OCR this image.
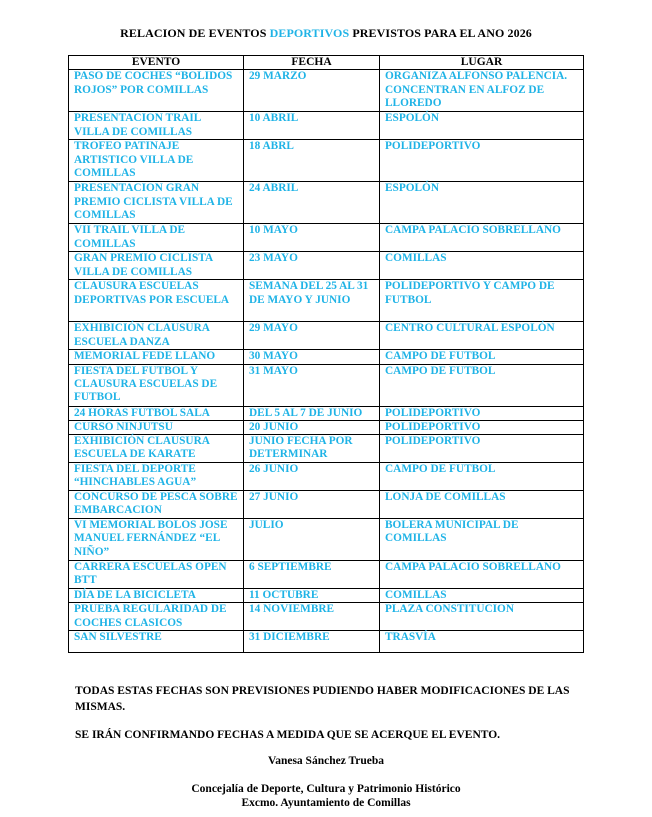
RELACION DE EVENTOS DEPORTIVOS PREVISTOS PARA EL ANO 2026
EVENTO	FECHA	LUGAR
PASO DE COCHES “BOLIDOS ROJOS” POR COMILLAS	29 MARZO	ORGANIZA ALFONSO PALENCIA. CONCENTRAN EN ALFOZ DE LLOREDO
PRESENTACION TRAIL VILLA DE COMILLAS	10 ABRIL	ESPOLÓN
TROFEO PATINAJE ARTISTICO VILLA DE COMILLAS	18 ABRL	POLIDEPORTIVO
PRESENTACION GRAN PREMIO CICLISTA VILLA DE COMILLAS	24 ABRIL	ESPOLÓN
VII TRAIL VILLA DE COMILLAS	10 MAYO	CAMPA PALACIO SOBRELLANO
GRAN PREMIO CICLISTA VILLA DE COMILLAS	23 MAYO	COMILLAS
CLAUSURA ESCUELAS DEPORTIVAS POR ESCUELA	SEMANA DEL 25 AL 31 DE MAYO Y JUNIO	POLIDEPORTIVO Y CAMPO DE FUTBOL
EXHIBICIÓN CLAUSURA ESCUELA DANZA	29 MAYO	CENTRO CULTURAL ESPOLÓN
MEMORIAL FEDE LLANO	30 MAYO	CAMPO DE FUTBOL
FIESTA DEL FUTBOL Y CLAUSURA ESCUELAS DE FUTBOL	31 MAYO	CAMPO DE FUTBOL
24 HORAS FUTBOL SALA	DEL 5 AL 7 DE JUNIO	POLIDEPORTIVO
CURSO NINJUTSU	20 JUNIO	POLIDEPORTIVO
EXHIBICIÓN CLAUSURA ESCUELA DE KARATE	JUNIO FECHA POR DETERMINAR	POLIDEPORTIVO
FIESTA DEL DEPORTE “HINCHABLES AGUA”	26 JUNIO	CAMPO DE FUTBOL
CONCURSO DE PESCA SOBRE EMBARCACION	27 JUNIO	LONJA DE COMILLAS
VI MEMORIAL BOLOS JOSE MANUEL FERNÁNDEZ “EL NIÑO”	JULIO	BOLERA MUNICIPAL DE COMILLAS
CARRERA ESCUELAS OPEN BTT	6 SEPTIEMBRE	CAMPA PALACIO SOBRELLANO
DÍA DE LA BICICLETA	11 OCTUBRE	COMILLAS
PRUEBA REGULARIDAD DE COCHES CLASICOS	14 NOVIEMBRE	PLAZA CONSTITUCION
SAN SILVESTRE	31 DICIEMBRE	TRASVÍA
TODAS ESTAS FECHAS SON PREVISIONES PUDIENDO HABER MODIFICACIONES DE LAS MISMAS.
SE IRÁN CONFIRMANDO FECHAS A MEDIDA QUE SE ACERQUE EL EVENTO.
Vanesa Sánchez Trueba
Concejalía de Deporte, Cultura y Patrimonio Histórico
Excmo. Ayuntamiento de Comillas
